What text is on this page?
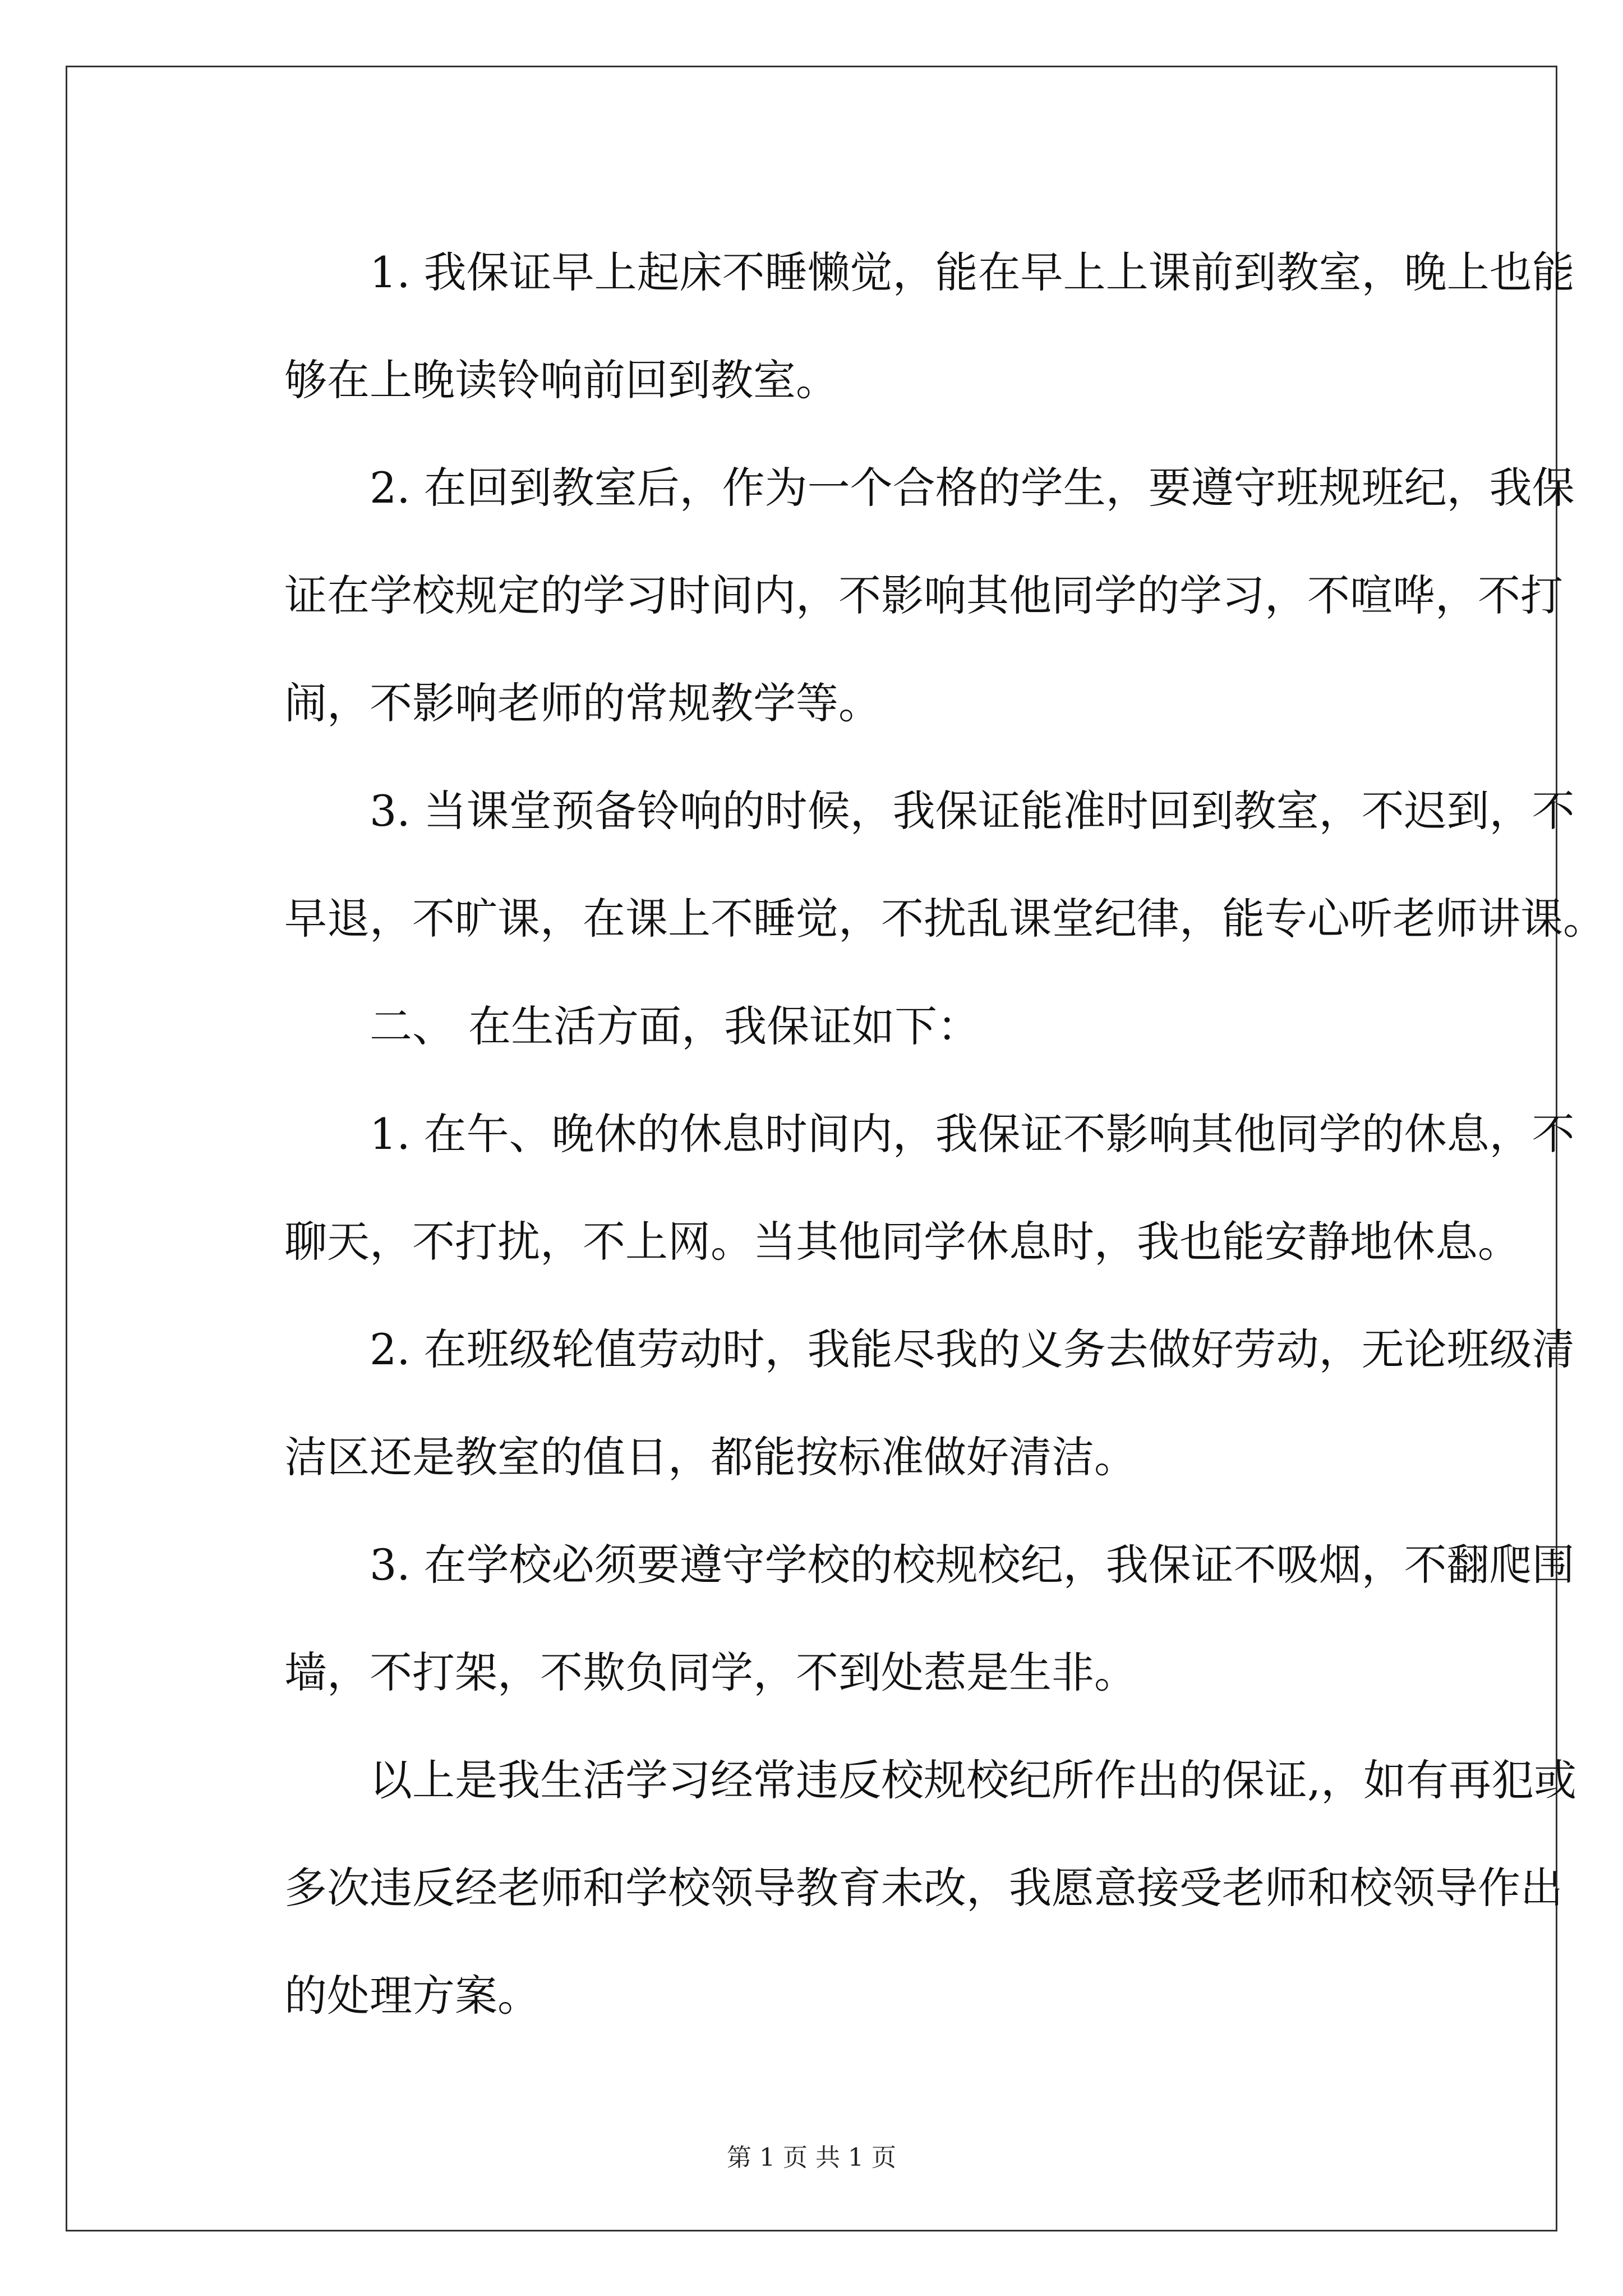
1. 我保证早上起床不睡懒觉，能在早上上课前到教室，晚上也能
够在上晚读铃响前回到教室。
2. 在回到教室后，作为一个合格的学生，要遵守班规班纪，我保
证在学校规定的学习时间内，不影响其他同学的学习，不喧哗，不打
闹，不影响老师的常规教学等。
3. 当课堂预备铃响的时候，我保证能准时回到教室，不迟到，不
早退，不旷课，在课上不睡觉，不扰乱课堂纪律，能专心听老师讲课。
二、 在生活方面，我保证如下：
1. 在午、晚休的休息时间内，我保证不影响其他同学的休息，不
聊天，不打扰，不上网。当其他同学休息时，我也能安静地休息。
2. 在班级轮值劳动时，我能尽我的义务去做好劳动，无论班级清
洁区还是教室的值日，都能按标准做好清洁。
3. 在学校必须要遵守学校的校规校纪，我保证不吸烟，不翻爬围
墙，不打架，不欺负同学，不到处惹是生非。
以上是我生活学习经常违反校规校纪所作出的保证,，如有再犯或
多次违反经老师和学校领导教育未改，我愿意接受老师和校领导作出
的处理方案。
第 1 页 共 1 页
